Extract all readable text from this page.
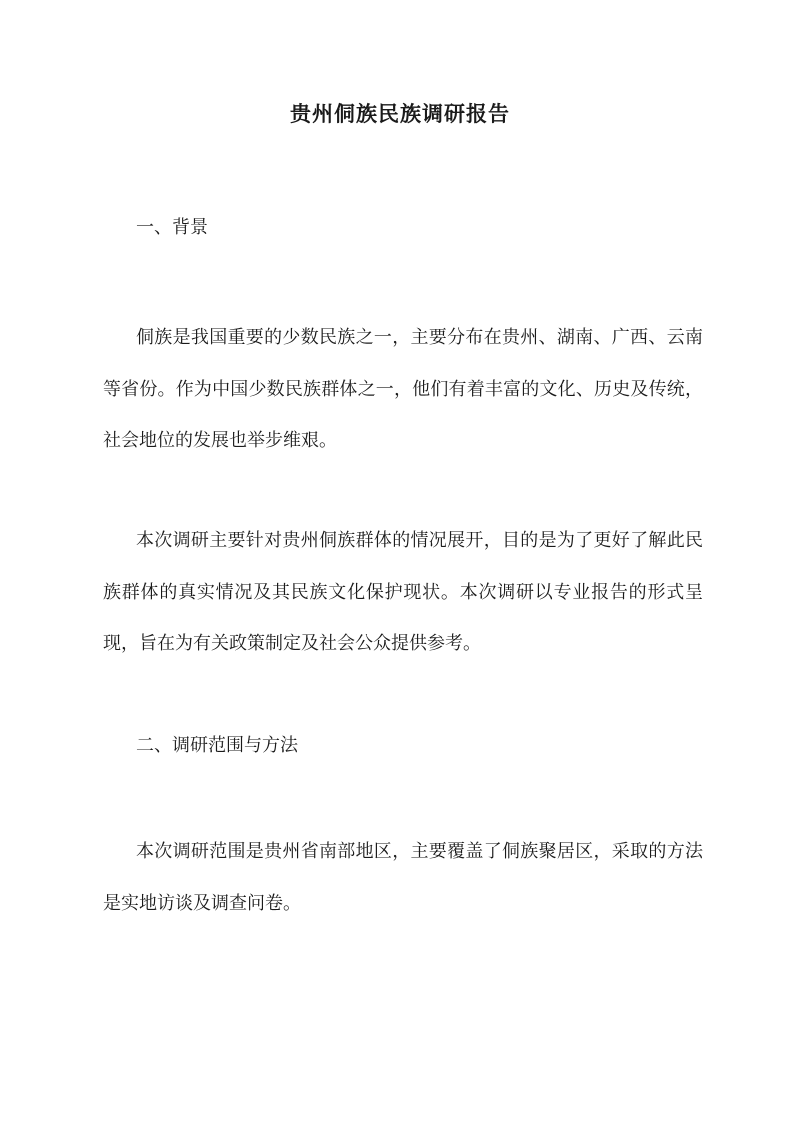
贵州侗族民族调研报告
一、背景

侗族是我国重要的少数民族之一，主要分布在贵州、湖南、广西、云南等省份。作为中国少数民族群体之一，他们有着丰富的文化、历史及传统，社会地位的发展也举步维艰。

本次调研主要针对贵州侗族群体的情况展开，目的是为了更好了解此民族群体的真实情况及其民族文化保护现状。本次调研以专业报告的形式呈现，旨在为有关政策制定及社会公众提供参考。

二、调研范围与方法

本次调研范围是贵州省南部地区，主要覆盖了侗族聚居区，采取的方法是实地访谈及调查问卷。
